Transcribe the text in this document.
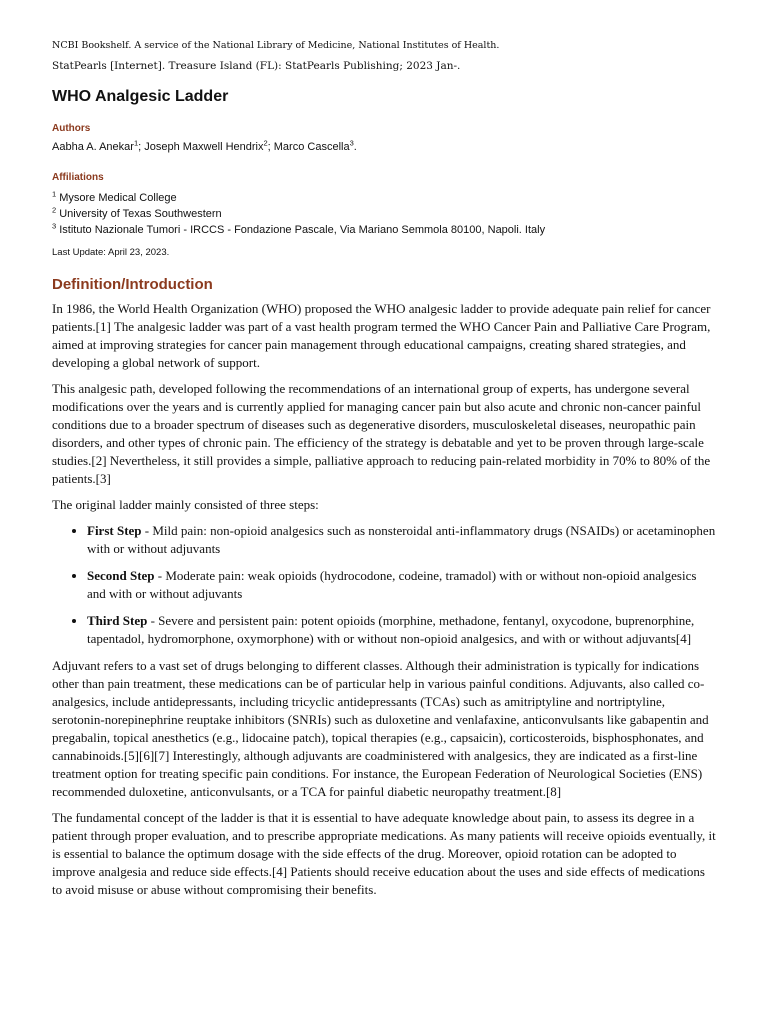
NCBI Bookshelf. A service of the National Library of Medicine, National Institutes of Health.
StatPearls [Internet]. Treasure Island (FL): StatPearls Publishing; 2023 Jan-.
WHO Analgesic Ladder
Authors
Aabha A. Anekar$^1$; Joseph Maxwell Hendrix$^2$; Marco Cascella$^3$.
Affiliations
$^1$ Mysore Medical College
$^2$ University of Texas Southwestern
$^3$ Istituto Nazionale Tumori - IRCCS - Fondazione Pascale, Via Mariano Semmola 80100, Napoli. Italy
Last Update: April 23, 2023.
Definition/Introduction

In 1986, the World Health Organization (WHO) proposed the WHO analgesic ladder to provide adequate pain relief for cancer patients.[1] The analgesic ladder was part of a vast health program termed the WHO Cancer Pain and Palliative Care Program, aimed at improving strategies for cancer pain management through educational campaigns, creating shared strategies, and developing a global network of support.

This analgesic path, developed following the recommendations of an international group of experts, has undergone several modifications over the years and is currently applied for managing cancer pain but also acute and chronic non-cancer painful conditions due to a broader spectrum of diseases such as degenerative disorders, musculoskeletal diseases, neuropathic pain disorders, and other types of chronic pain. The efficiency of the strategy is debatable and yet to be proven through large-scale studies.[2] Nevertheless, it still provides a simple, palliative approach to reducing pain-related morbidity in 70% to 80% of the patients.[3]

The original ladder mainly consisted of three steps:

• First Step - Mild pain: non-opioid analgesics such as nonsteroidal anti-inflammatory drugs (NSAIDs) or acetaminophen with or without adjuvants
• Second Step - Moderate pain: weak opioids (hydrocodone, codeine, tramadol) with or without non-opioid analgesics and with or without adjuvants
• Third Step - Severe and persistent pain: potent opioids (morphine, methadone, fentanyl, oxycodone, buprenorphine, tapentadol, hydromorphone, oxymorphone) with or without non-opioid analgesics, and with or without adjuvants[4]

Adjuvant refers to a vast set of drugs belonging to different classes. Although their administration is typically for indications other than pain treatment, these medications can be of particular help in various painful conditions. Adjuvants, also called co-analgesics, include antidepressants, including tricyclic antidepressants (TCAs) such as amitriptyline and nortriptyline, serotonin-norepinephrine reuptake inhibitors (SNRIs) such as duloxetine and venlafaxine, anticonvulsants like gabapentin and pregabalin, topical anesthetics (e.g., lidocaine patch), topical therapies (e.g., capsaicin), corticosteroids, bisphosphonates, and cannabinoids.[5][6][7] Interestingly, although adjuvants are coadministered with analgesics, they are indicated as a first-line treatment option for treating specific pain conditions. For instance, the European Federation of Neurological Societies (ENS) recommended duloxetine, anticonvulsants, or a TCA for painful diabetic neuropathy treatment.[8]

The fundamental concept of the ladder is that it is essential to have adequate knowledge about pain, to assess its degree in a patient through proper evaluation, and to prescribe appropriate medications. As many patients will receive opioids eventually, it is essential to balance the optimum dosage with the side effects of the drug. Moreover, opioid rotation can be adopted to improve analgesia and reduce side effects.[4] Patients should receive education about the uses and side effects of medications to avoid misuse or abuse without compromising their benefits.
